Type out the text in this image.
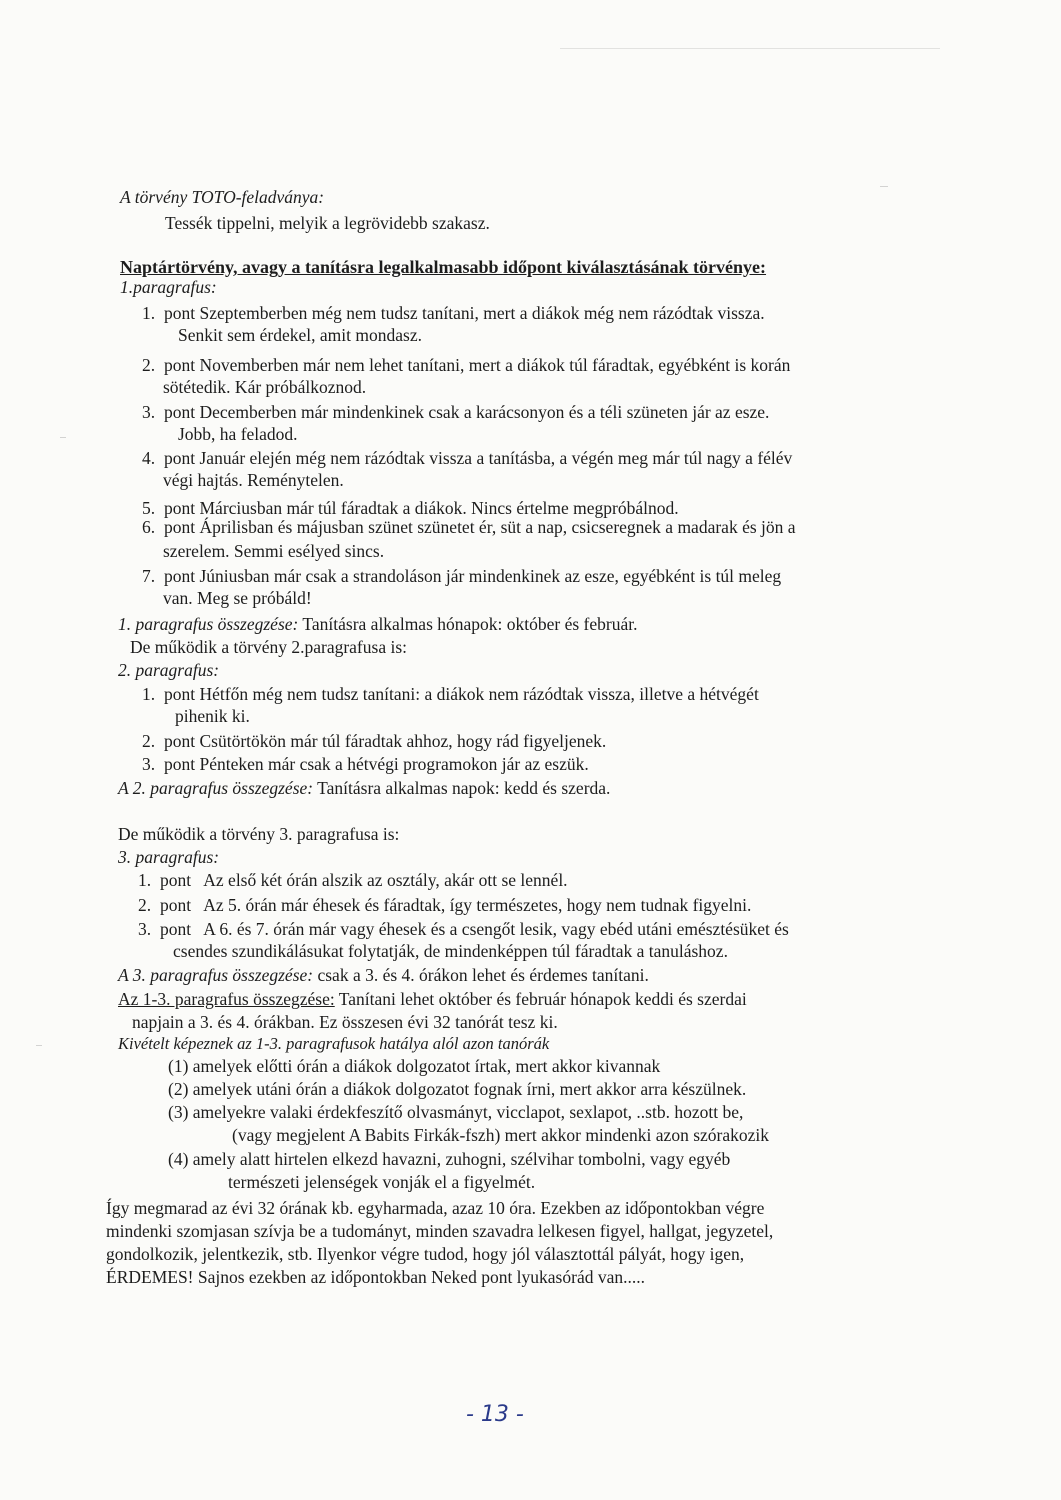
A törvény TOTO-feladványa:
Tessék tippelni, melyik a legrövidebb szakasz.
Naptártörvény, avagy a tanításra legalkalmasabb időpont kiválasztásának törvénye:
1.paragrafus:
1. pont Szeptemberben még nem tudsz tanítani, mert a diákok még nem rázódtak vissza.
Senkit sem érdekel, amit mondasz.
2. pont Novemberben már nem lehet tanítani, mert a diákok túl fáradtak, egyébként is korán
sötétedik. Kár próbálkoznod.
3. pont Decemberben már mindenkinek csak a karácsonyon és a téli szüneten jár az esze.
Jobb, ha feladod.
4. pont Január elején még nem rázódtak vissza a tanításba, a végén meg már túl nagy a félév
végi hajtás. Reménytelen.
5. pont Márciusban már túl fáradtak a diákok. Nincs értelme megpróbálnod.
6. pont Áprilisban és májusban szünet szünetet ér, süt a nap, csicseregnek a madarak és jön a
szerelem. Semmi esélyed sincs.
7. pont Júniusban már csak a strandoláson jár mindenkinek az esze, egyébként is túl meleg
van. Meg se próbáld!
1. paragrafus összegzése: Tanításra alkalmas hónapok: október és február.
De működik a törvény 2.paragrafusa is:
2. paragrafus:
1. pont Hétfőn még nem tudsz tanítani: a diákok nem rázódtak vissza, illetve a hétvégét
pihenik ki.
2. pont Csütörtökön már túl fáradtak ahhoz, hogy rád figyeljenek.
3. pont Pénteken már csak a hétvégi programokon jár az eszük.
A 2. paragrafus összegzése: Tanításra alkalmas napok: kedd és szerda.
De működik a törvény 3. paragrafusa is:
3. paragrafus:
1. pont   Az első két órán alszik az osztály, akár ott se lennél.
2. pont   Az 5. órán már éhesek és fáradtak, így természetes, hogy nem tudnak figyelni.
3. pont   A 6. és 7. órán már vagy éhesek és a csengőt lesik, vagy ebéd utáni emésztésüket és
csendes szundikálásukat folytatják, de mindenképpen túl fáradtak a tanuláshoz.
A 3. paragrafus összegzése: csak a 3. és 4. órákon lehet és érdemes tanítani.
Az 1-3. paragrafus összegzése: Tanítani lehet október és február hónapok keddi és szerdai
napjain a 3. és 4. órákban. Ez összesen évi 32 tanórát tesz ki.
Kivételt képeznek az 1-3. paragrafusok hatálya alól azon tanórák
(1) amelyek előtti órán a diákok dolgozatot írtak, mert akkor kivannak
(2) amelyek utáni órán a diákok dolgozatot fognak írni, mert akkor arra készülnek.
(3) amelyekre valaki érdekfeszítő olvasmányt, vicclapot, sexlapot, ..stb. hozott be,
(vagy megjelent A Babits Firkák-fszh) mert akkor mindenki azon szórakozik
(4) amely alatt hirtelen elkezd havazni, zuhogni, szélvihar tombolni, vagy egyéb
természeti jelenségek vonják el a figyelmét.
Így megmarad az évi 32 órának kb. egyharmada, azaz 10 óra. Ezekben az időpontokban végre
mindenki szomjasan szívja be a tudományt, minden szavadra lelkesen figyel, hallgat, jegyzetel,
gondolkozik, jelentkezik, stb. Ilyenkor végre tudod, hogy jól választottál pályát, hogy igen,
ÉRDEMES! Sajnos ezekben az időpontokban Neked pont lyukasórád van.....
- 13 -
